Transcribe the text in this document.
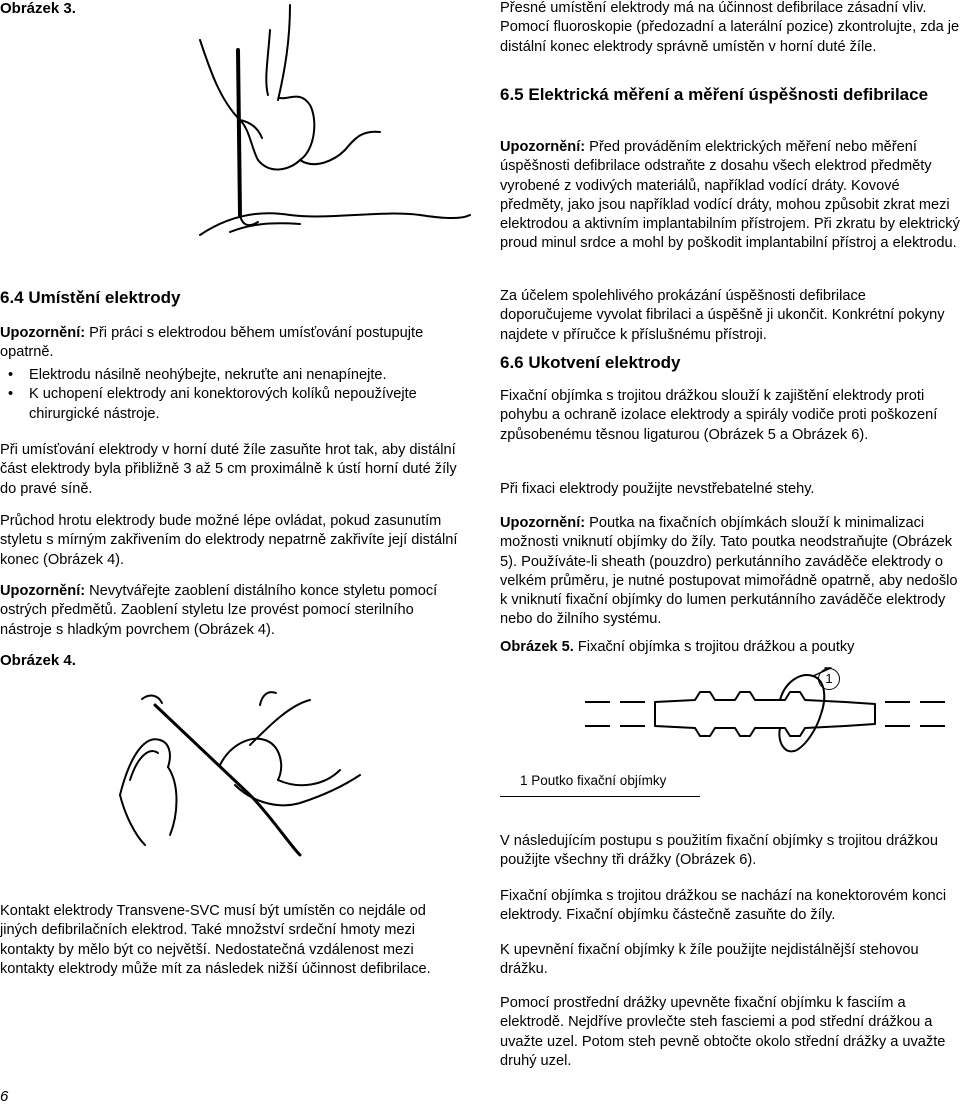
Obrázek 3.
6.4 Umístění elektrody

Upozornění: Při práci s elektrodou během umísťování postupujte opatrně.

• Elektrodu násilně neohýbejte, nekruťte ani nenapínejte.
• K uchopení elektrody ani konektorových kolíků nepoužívejte chirurgické nástroje.

Při umísťování elektrody v horní duté žíle zasuňte hrot tak, aby distální část elektrody byla přibližně 3 až 5 cm proximálně k ústí horní duté žíly do pravé síně.

Průchod hrotu elektrody bude možné lépe ovládat, pokud zasunutím styletu s mírným zakřivením do elektrody nepatrně zakřivíte její distální konec (Obrázek 4).

Upozornění: Nevytvářejte zaoblení distálního konce styletu pomocí ostrých předmětů. Zaoblení styletu lze provést pomocí sterilního nástroje s hladkým povrchem (Obrázek 4).

Obrázek 4.

Kontakt elektrody Transvene-SVC musí být umístěn co nejdále od jiných defibrilačních elektrod. Také množství srdeční hmoty mezi kontakty by mělo být co největší. Nedostatečná vzdálenost mezi kontakty elektrody může mít za následek nižší účinnost defibrilace.

6

Přesné umístění elektrody má na účinnost defibrilace zásadní vliv. Pomocí fluoroskopie (předozadní a laterální pozice) zkontrolujte, zda je distální konec elektrody správně umístěn v horní duté žíle.

6.5 Elektrická měření a měření úspěšnosti defibrilace

Upozornění: Před prováděním elektrických měření nebo měření úspěšnosti defibrilace odstraňte z dosahu všech elektrod předměty vyrobené z vodivých materiálů, například vodící dráty. Kovové předměty, jako jsou například vodící dráty, mohou způsobit zkrat mezi elektrodou a aktivním implantabilním přístrojem. Při zkratu by elektrický proud minul srdce a mohl by poškodit implantabilní přístroj a elektrodu.

Za účelem spolehlivého prokázání úspěšnosti defibrilace doporučujeme vyvolat fibrilaci a úspěšně ji ukončit. Konkrétní pokyny najdete v příručce k příslušnému přístroji.

6.6 Ukotvení elektrody

Fixační objímka s trojitou drážkou slouží k zajištění elektrody proti pohybu a ochraně izolace elektrody a spirály vodiče proti poškození způsobenému těsnou ligaturou (Obrázek 5 a Obrázek 6).

Při fixaci elektrody použijte nevstřebatelné stehy.

Upozornění: Poutka na fixačních objímkách slouží k minimalizaci možnosti vniknutí objímky do žíly. Tato poutka neodstraňujte (Obrázek 5). Používáte-li sheath (pouzdro) perkutánního zaváděče elektrody o velkém průměru, je nutné postupovat mimořádně opatrně, aby nedošlo k vniknutí fixační objímky do lumen perkutánního zaváděče elektrody nebo do žilního systému.

Obrázek 5. Fixační objímka s trojitou drážkou a poutky

1
1 Poutko fixační objímky

V následujícím postupu s použitím fixační objímky s trojitou drážkou použijte všechny tři drážky (Obrázek 6).

Fixační objímka s trojitou drážkou se nachází na konektorovém konci elektrody. Fixační objímku částečně zasuňte do žíly.

K upevnění fixační objímky k žíle použijte nejdistálnější stehovou drážku.

Pomocí prostřední drážky upevněte fixační objímku k fasciím a elektrodě. Nejdříve provlečte steh fasciemi a pod střední drážkou a uvažte uzel. Potom steh pevně obtočte okolo střední drážky a uvažte druhý uzel.
